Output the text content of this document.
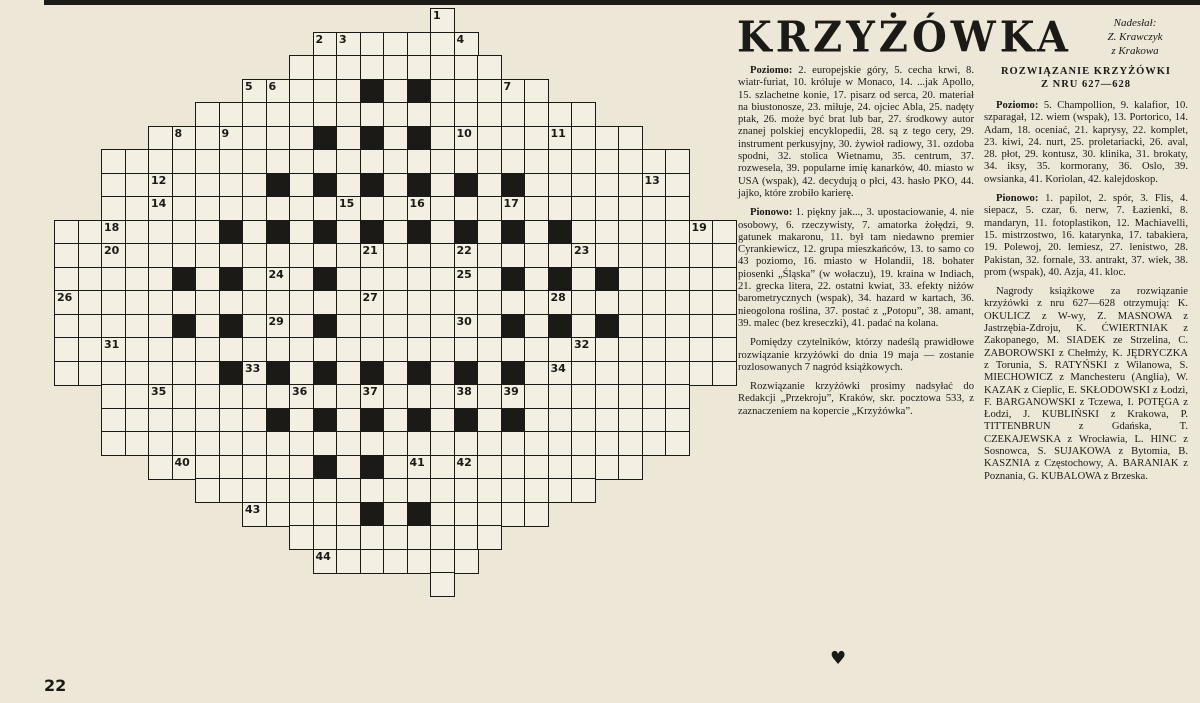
1
2 3	4
5 6	7
8	9	10	11
12	13
14	15	16	17
18	19
20	21	22	23
24	25
26	27	28
29	30
31	32
33	34
35	36	37	38	39
40	41	42
43
44
22
KRZYŻÓWKA	Nadesłał:
Z. Krawczyk
z Krakowa

Poziomo: 2. europejskie góry, 5. cecha krwi, 8. wiatr-furiat, 10. króluje w Monaco, 14. ...jak Apollo, 15. szlachetne konie, 17. pisarz od serca, 20. materiał na biustonosze, 23. miłuje, 24. ojciec Abla, 25. nadęty ptak, 26. może być brat lub bar, 27. środkowy autor znanej polskiej encyklopedii, 28. są z tego cery, 29. instrument perkusyjny, 30. żywioł radiowy, 31. ozdoba spodni, 32. stolica Wietnamu, 35. centrum, 37. rozwesela, 39. popularne imię kanarków, 40. miasto w USA (wspak), 42. decydują o płci, 43. hasło PKO, 44. jajko, które zrobiło karierę.

Pionowo: 1. piękny jak..., 3. upostaciowanie, 4. nie osobowy, 6. rzeczywisty, 7. amatorka żołędzi, 9. gatunek makaronu, 11. był tam niedawno premier Cyrankiewicz, 12. grupa mieszkańców, 13. to samo co 43 poziomo, 16. miasto w Holandii, 18. bohater piosenki „Śląska” (w wołaczu), 19. kraina w Indiach, 21. grecka litera, 22. ostatni kwiat, 33. efekty niżów barometrycznych (wspak), 34. hazard w kartach, 36. nieogolona roślina, 37. postać z „Potopu”, 38. amant, 39. malec (bez kreseczki), 41. padać na kolana.

Pomiędzy czytelników, którzy nadeślą prawidłowe rozwiązanie krzyżówki do dnia 19 maja — zostanie rozlosowanych 7 nagród książkowych.

Rozwiązanie krzyżówki prosimy nadsyłać do Redakcji „Przekroju”, Kraków, skr. pocztowa 533, z zaznaczeniem na kopercie „Krzyżówka”.

ROZWIĄZANIE KRZYŻÓWKI
Z NRU 627—628

Poziomo: 5. Champollion, 9. kalafior, 10. szparagał, 12. wiem (wspak), 13. Portorico, 14. Adam, 18. oceniać, 21. kaprysy, 22. komplet, 23. kiwi, 24. nurt, 25. proletariacki, 26. aval, 28. płot, 29. kontusz, 30. klinika, 31. brokaty, 34. iksy, 35. kormorany, 36. Oslo, 39. owsianka, 41. Koriolan, 42. kalejdoskop.

Pionowo: 1. papilot, 2. spór, 3. Flis, 4. siepacz, 5. czar, 6. nerw, 7. Łazienki, 8. mandaryn, 11. fotoplastikon, 12. Machiavelli, 15. mistrzostwo, 16. katarynka, 17. tabakiera, 19. Polewoj, 20. lemiesz, 27. lenistwo, 28. Pakistan, 32. fornale, 33. antrakt, 37. wiek, 38. prom (wspak), 40. Azja, 41. kloc.

Nagrody książkowe za rozwiązanie krzyżówki z nru 627—628 otrzymują: K. OKULICZ z W-wy, Z. MASNOWA z Jastrzębia-Zdroju, K. ĆWIERTNIAK z Zakopanego, M. SIADEK ze Strzelina, C. ZABOROWSKI z Chełmży, K. JĘDRYCZKA z Torunia, S. RATYŃSKI z Wilanowa, S. MIECHOWICZ z Manchesteru (Anglia), W. KAZAK z Cieplic, E. SKŁODOWSKI z Łodzi, F. BARGANOWSKI z Tczewa, I. POTĘGA z Łodzi, J. KUBLIŃSKI z Krakowa, P. TITTENBRUN z Gdańska, T. CZEKAJEWSKA z Wrocławia, L. HINC z Sosnowca, S. SUJAKOWA z Bytomia, B. KASZNIA z Częstochowy, A. BARANIAK z Poznania, G. KUBALOWA z Brzeska.

♥
